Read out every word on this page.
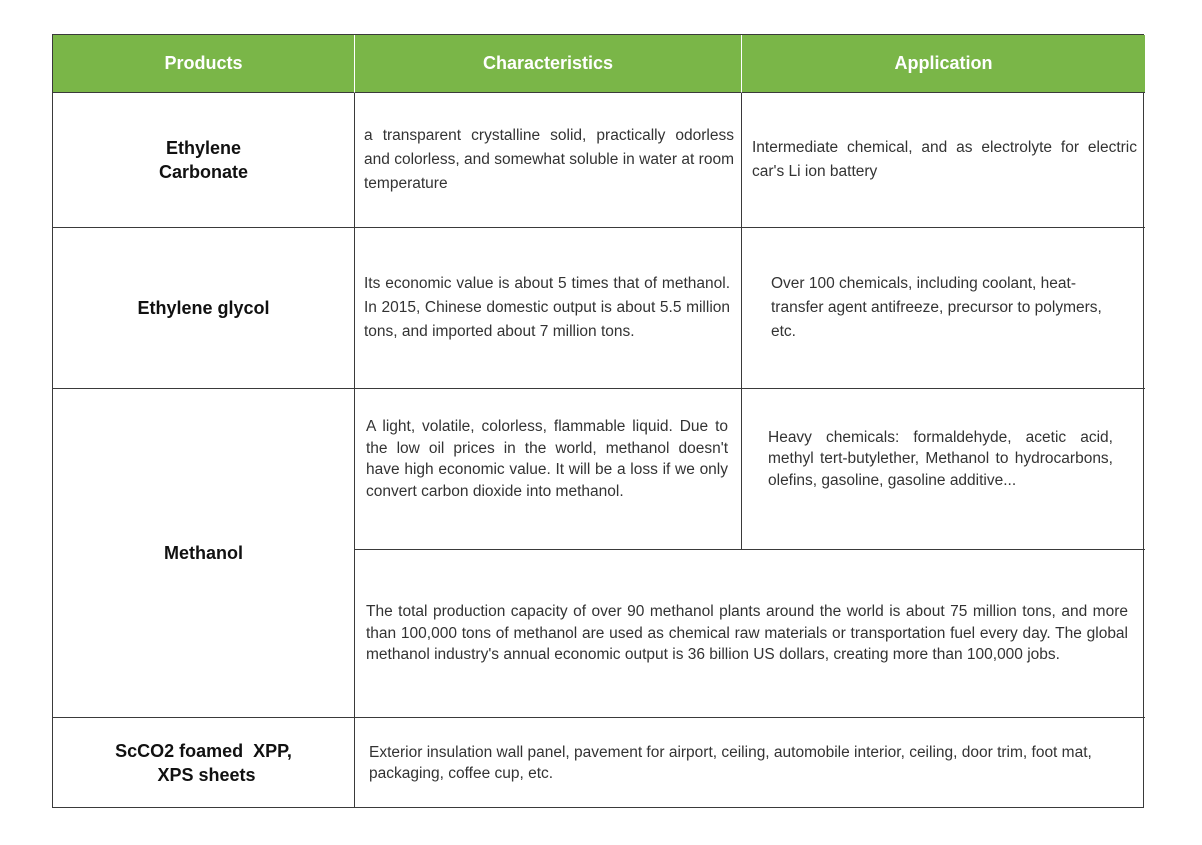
Products	Characteristics	Application
Ethylene
Carbonate

a transparent crystalline solid, practically odorless and colorless, and somewhat soluble in water at room temperature

Intermediate chemical, and as electrolyte for electric car's Li ion battery

Ethylene glycol

Its economic value is about 5 times that of methanol. In 2015, Chinese domestic output is about 5.5 million tons, and imported about 7 million tons.

Over 100 chemicals, including coolant, heat-transfer agent antifreeze, precursor to polymers, etc.

Methanol

A light, volatile, colorless, flammable liquid. Due to the low oil prices in the world, methanol doesn't have high economic value. It will be a loss if we only convert carbon dioxide into methanol.

Heavy chemicals: formaldehyde, acetic acid, methyl tert-butylether, Methanol to hydrocarbons, olefins, gasoline, gasoline additive...

The total production capacity of over 90 methanol plants around the world is about 75 million tons, and more than 100,000 tons of methanol are used as chemical raw materials or transportation fuel every day. The global methanol industry's annual economic output is 36 billion US dollars, creating more than 100,000 jobs.

ScCO2 foamed  XPP,
XPS sheets

Exterior insulation wall panel, pavement for airport, ceiling, automobile interior, ceiling, door trim, foot mat, packaging, coffee cup, etc.
